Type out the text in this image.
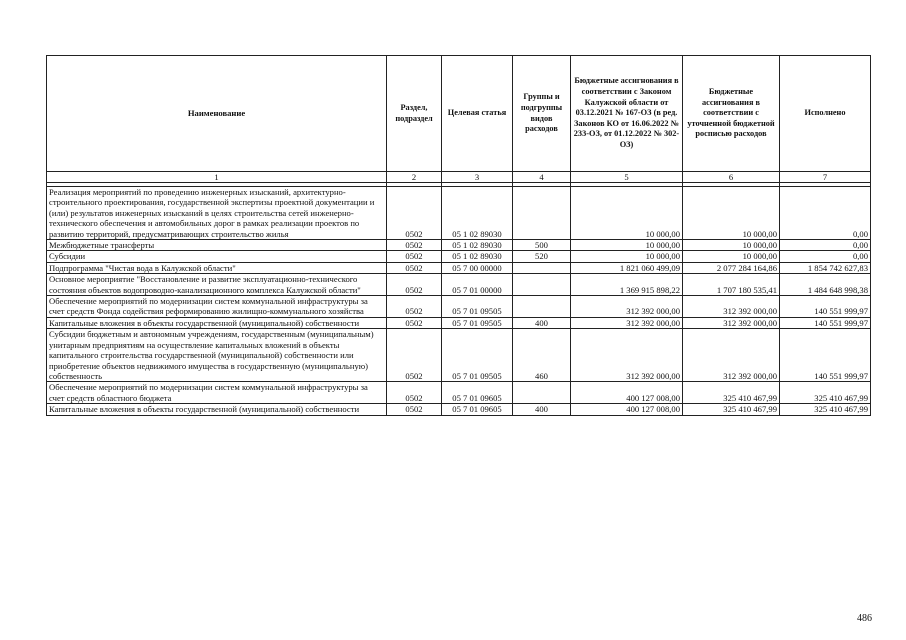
Наименование	Раздел, подраздел	Целевая статья	Группы и подгруппы видов расходов	Бюджетные ассигнования в соответствии с Законом Калужской области от 03.12.2021 № 167-ОЗ (в ред. Законов КО от 16.06.2022 № 233-ОЗ, от 01.12.2022 № 302-ОЗ)	Бюджетные ассигнования в соответствии с уточненной бюджетной росписью расходов	Исполнено
1	2	3	4	5	6	7

Реализация мероприятий по проведению инженерных изысканий, архитектурно-строительного проектирования, государственной экспертизы проектной документации и (или) результатов инженерных изысканий в целях строительства сетей инженерно-технического обеспечения и автомобильных дорог в рамках реализации проектов по развитию территорий, предусматривающих строительство жилья	0502	05 1 02 89030		10 000,00	10 000,00	0,00
Межбюджетные трансферты	0502	05 1 02 89030	500	10 000,00	10 000,00	0,00
Субсидии	0502	05 1 02 89030	520	10 000,00	10 000,00	0,00
Подпрограмма "Чистая вода в Калужской области"	0502	05 7 00 00000		1 821 060 499,09	2 077 284 164,86	1 854 742 627,83
Основное мероприятие "Восстановление и развитие эксплуатационно-технического состояния объектов водопроводно-канализационного комплекса Калужской области"	0502	05 7 01 00000		1 369 915 898,22	1 707 180 535,41	1 484 648 998,38
Обеспечение мероприятий по модернизации систем коммунальной инфраструктуры за счет средств Фонда содействия реформированию жилищно-коммунального хозяйства	0502	05 7 01 09505		312 392 000,00	312 392 000,00	140 551 999,97
Капитальные вложения в объекты государственной (муниципальной) собственности	0502	05 7 01 09505	400	312 392 000,00	312 392 000,00	140 551 999,97
Субсидии бюджетным и автономным учреждениям, государственным (муниципальным) унитарным предприятиям на осуществление капитальных вложений в объекты капитального строительства государственной (муниципальной) собственности или приобретение объектов недвижимого имущества в государственную (муниципальную) собственность	0502	05 7 01 09505	460	312 392 000,00	312 392 000,00	140 551 999,97
Обеспечение мероприятий по модернизации систем коммунальной инфраструктуры за счет средств областного бюджета	0502	05 7 01 09605		400 127 008,00	325 410 467,99	325 410 467,99
Капитальные вложения в объекты государственной (муниципальной) собственности	0502	05 7 01 09605	400	400 127 008,00	325 410 467,99	325 410 467,99
486
